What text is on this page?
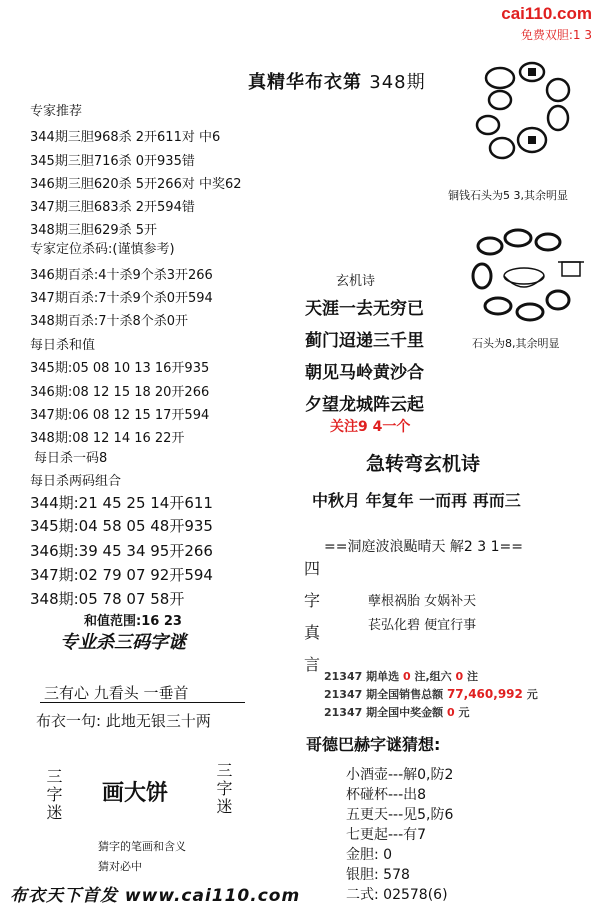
cai110.com
免费双胆:1 3
真精华布衣第 348期
专家推荐
344期三胆968杀 2开611对 中6
345期三胆716杀 0开935错
346期三胆620杀 5开266对 中奖62
347期三胆683杀 2开594错
348期三胆629杀 5开
专家定位杀码:(谨慎参考)
346期百杀:4十杀9个杀3开266
347期百杀:7十杀9个杀0开594
348期百杀:7十杀8个杀0开
每日杀和值
345期:05 08 10 13 16开935
346期:08 12 15 18 20开266
347期:06 08 12 15 17开594
348期:08 12 14 16 22开
每日杀一码8
每日杀两码组合
344期:21 45 25 14开611
345期:04 58 05 48开935
346期:39 45 34 95开266
347期:02 79 07 92开594
348期:05 78 07 58开
和值范围:16 23
专业杀三码字谜
三有心 九看头 一垂首
布衣一句: 此地无银三十两
三字迷 画大饼	三字迷
猜字的笔画和含义
猜对必中
布衣天下首发 www.cai110.com
铜钱石头为5 3,其余明显
石头为8,其余明显
玄机诗
天涯一去无穷已
蓟门迢递三千里
朝见马岭黄沙合
夕望龙城阵云起
关注9 4一个
急转弯玄机诗
中秋月 年复年 一而再 再而三
==洞庭波浪颭晴天 解2 3 1==
四
字
真
言
孽根祸胎 女娲补天
苌弘化碧 便宜行事
21347 期单选 0 注,组六 0 注
21347 期全国销售总额 77,460,992 元
21347 期全国中奖金额 0 元
哥德巴赫字谜猜想:
小酒壶---解0,防2
杯碰杯---出8
五更天---见5,防6
七更起---有7
金胆: 0
银胆: 578
二式: 02578(6)
